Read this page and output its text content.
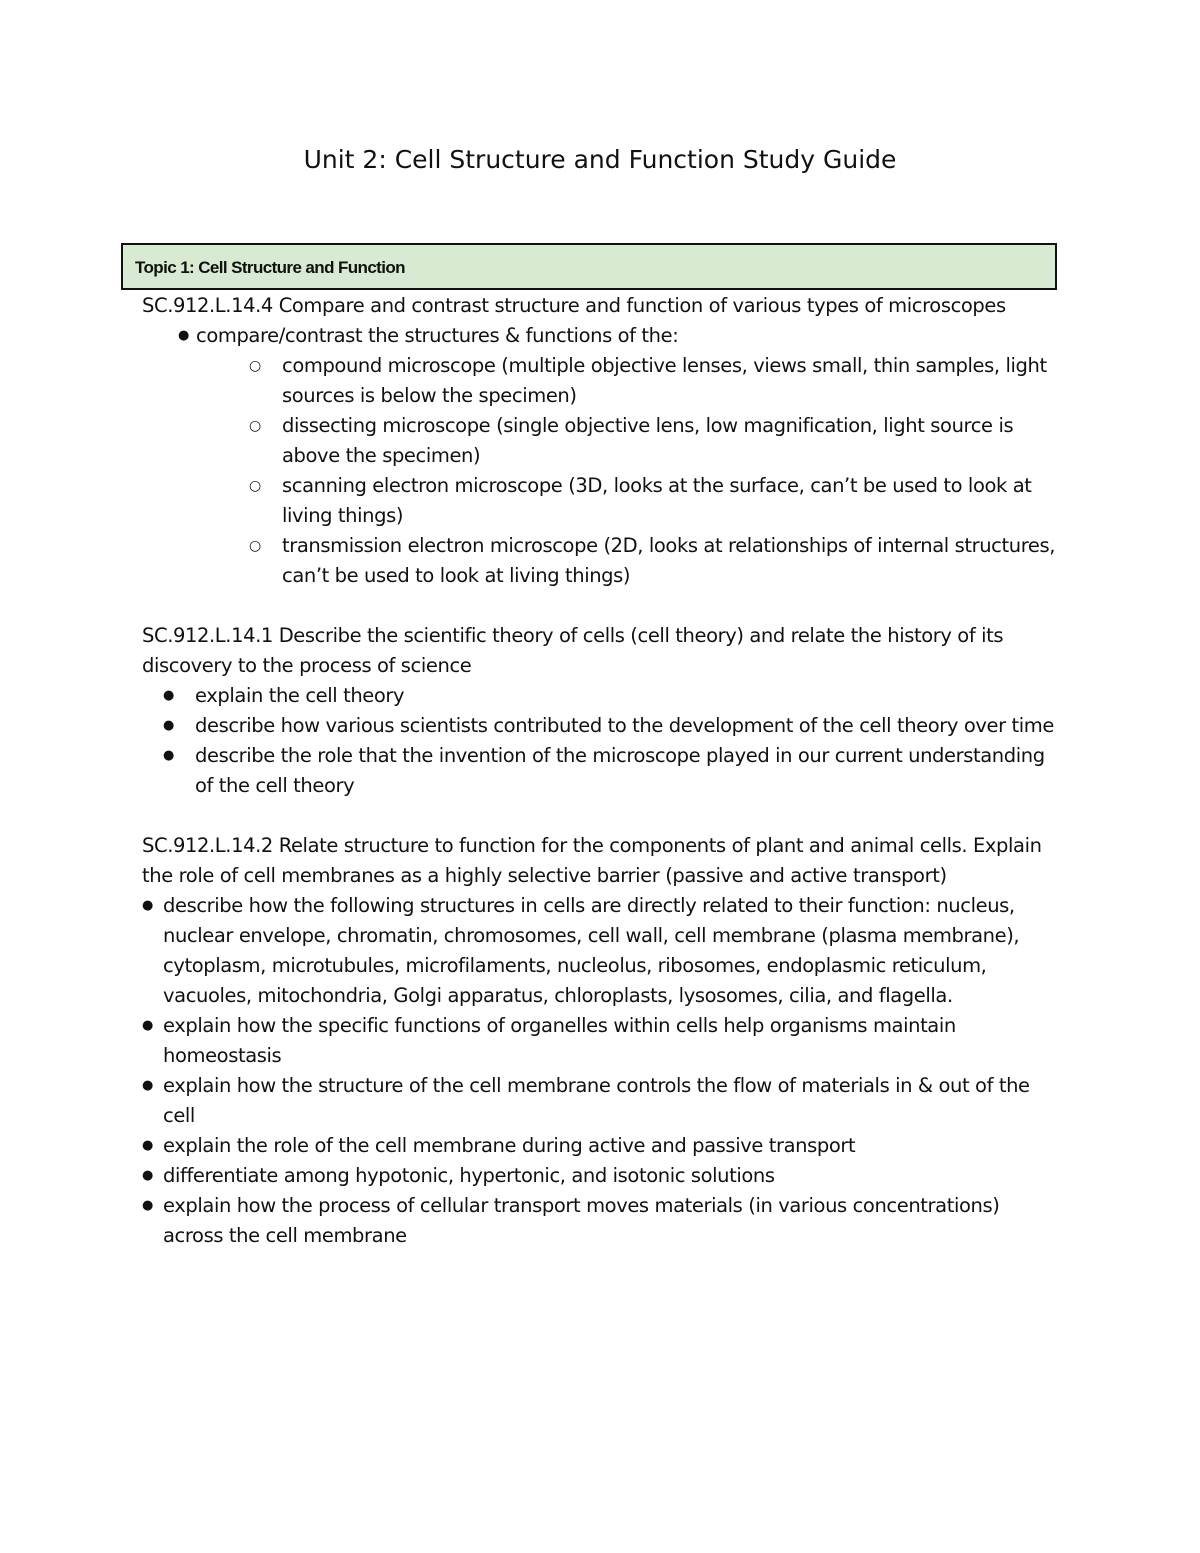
Unit 2: Cell Structure and Function Study Guide
Topic 1: Cell Structure and Function

SC.912.L.14.4 Compare and contrast structure and function of various types of microscopes

● compare/contrast the structures & functions of the:
○ compound microscope (multiple objective lenses, views small, thin samples, light sources is below the specimen)
○ dissecting microscope (single objective lens, low magnification, light source is above the specimen)
○ scanning electron microscope (3D, looks at the surface, can’t be used to look at living things)
○ transmission electron microscope (2D, looks at relationships of internal structures, can’t be used to look at living things)

SC.912.L.14.1 Describe the scientific theory of cells (cell theory) and relate the history of its discovery to the process of science

● explain the cell theory
● describe how various scientists contributed to the development of the cell theory over time
● describe the role that the invention of the microscope played in our current understanding of the cell theory

SC.912.L.14.2 Relate structure to function for the components of plant and animal cells. Explain the role of cell membranes as a highly selective barrier (passive and active transport)

● describe how the following structures in cells are directly related to their function: nucleus, nuclear envelope, chromatin, chromosomes, cell wall, cell membrane (plasma membrane), cytoplasm, microtubules, microfilaments, nucleolus, ribosomes, endoplasmic reticulum, vacuoles, mitochondria, Golgi apparatus, chloroplasts, lysosomes, cilia, and flagella.
● explain how the specific functions of organelles within cells help organisms maintain homeostasis
● explain how the structure of the cell membrane controls the flow of materials in & out of the cell
● explain the role of the cell membrane during active and passive transport
● differentiate among hypotonic, hypertonic, and isotonic solutions
● explain how the process of cellular transport moves materials (in various concentrations) across the cell membrane
